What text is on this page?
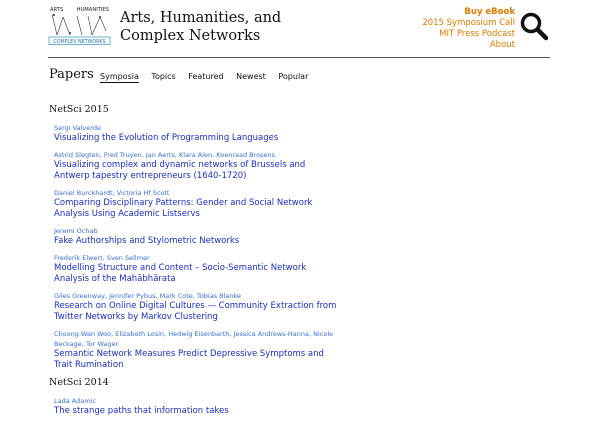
ARTS	HUMANITIES
COMPLEX NETWORKS
Arts, Humanities, and
Complex Networks
Buy eBook
2015 Symposium Call
MIT Press Podcast
About
Papers Symposia Topics Featured Newest Popular
NetSci 2015
Sergi Valverde
Visualizing the Evolution of Programming Languages
Astrid Slegten, Fred Truyen, Jan Aerts, Klara Alen, Koenraad Brosens
Visualizing complex and dynamic networks of Brussels and Antwerp tapestry entrepreneurs (1640-1720)
Daniel Burckhardt, Victoria Hf Scott
Comparing Disciplinary Patterns: Gender and Social Network Analysis Using Academic Listservs
Jeremi Ochab
Fake Authorships and Stylometric Networks
Frederik Elwert, Sven Sellmer
Modelling Structure and Content – Socio-Semantic Network Analysis of the Mahābhārata
Giles Greenway, Jennifer Pybus, Mark Cote, Tobias Blanke
Research on Online Digital Cultures — Community Extraction from Twitter Networks by Markov Clustering
Choong-Wan Woo, Elizabeth Losin, Hedwig Eisenbarth, Jessica Andrews-Hanna, Nicole Beckage, Tor Wager
Semantic Network Measures Predict Depressive Symptoms and Trait Rumination
NetSci 2014
Lada Adamic
The strange paths that information takes
